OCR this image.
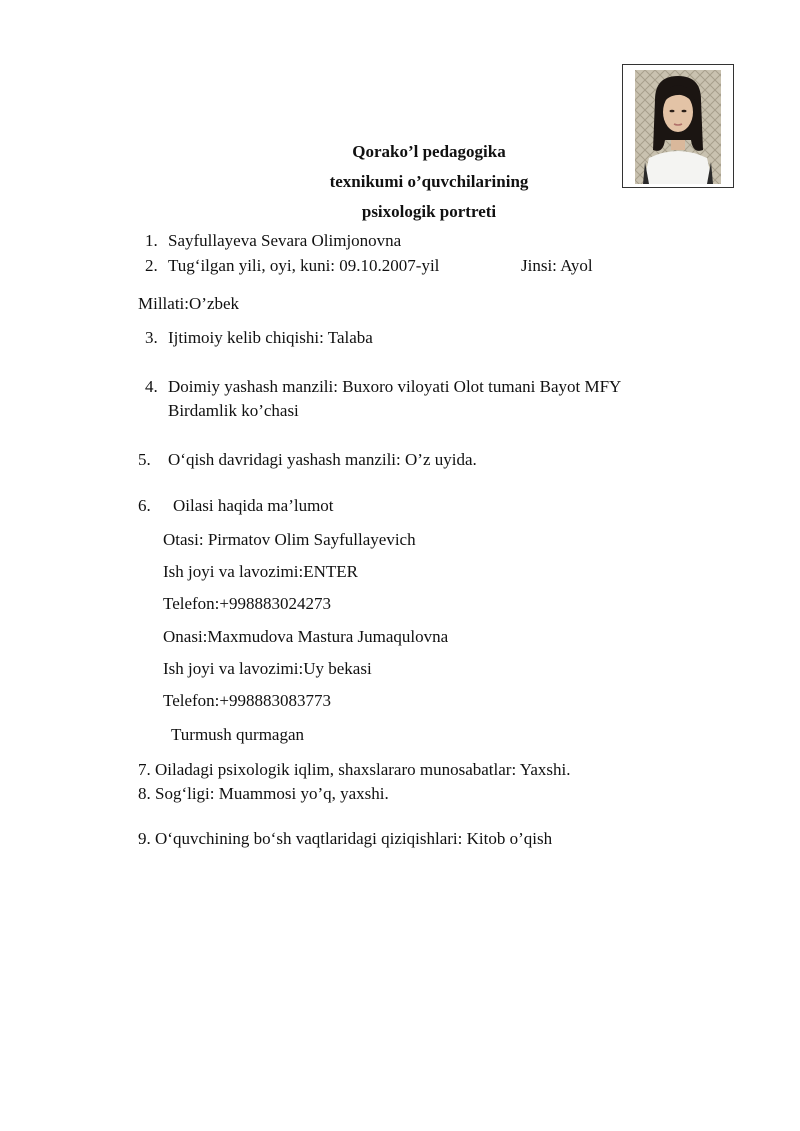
Qorako’l pedagogika
texnikumi o’quvchilarining
psixologik portreti
1. Sayfullayeva Sevara Olimjonovna
2. Tug‘ilgan yili, oyi, kuni: 09.10.2007-yil	Jinsi: Ayol
Millati:O’zbek
3. Ijtimoiy kelib chiqishi: Talaba
4. Doimiy yashash manzili: Buxoro viloyati Olot tumani Bayot MFY
Birdamlik ko’chasi
5. O‘qish davridagi yashash manzili: O’z uyida.
6. Oilasi haqida ma’lumot
Otasi: Pirmatov Olim Sayfullayevich
Ish joyi va lavozimi:ENTER
Telefon:+998883024273
Onasi:Maxmudova Mastura Jumaqulovna
Ish joyi va lavozimi:Uy bekasi
Telefon:+998883083773
Turmush qurmagan
7. Oiladagi psixologik iqlim, shaxslararo munosabatlar: Yaxshi.
8. Sog‘ligi: Muammosi yo’q, yaxshi.
9. O‘quvchining bo‘sh vaqtlaridagi qiziqishlari: Kitob o’qish
